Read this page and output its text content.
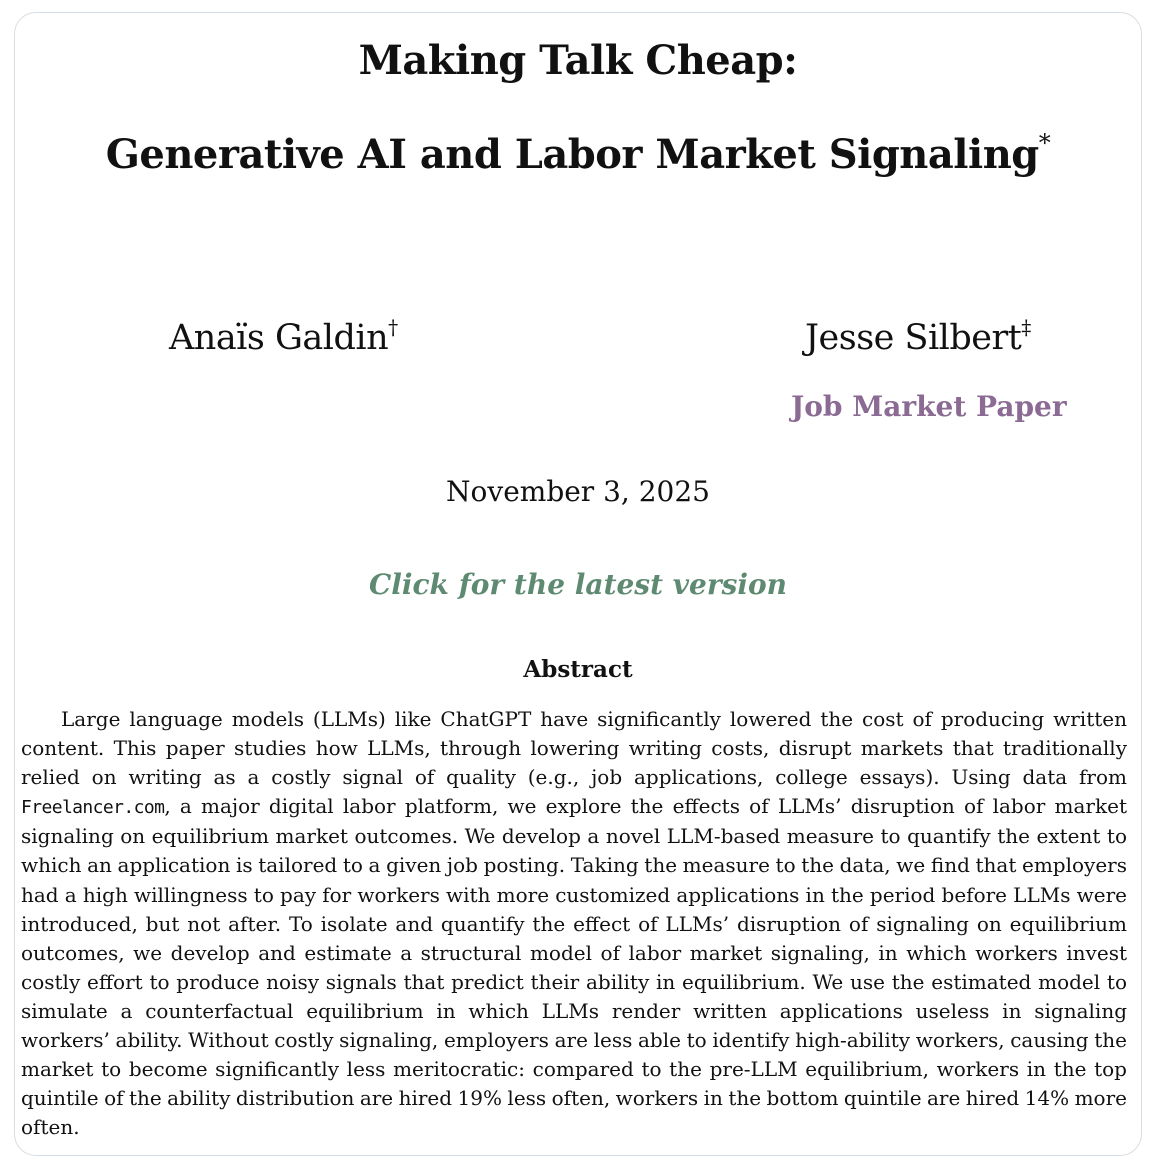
Making Talk Cheap:
Generative AI and Labor Market Signaling*
Anaïs Galdin†	Jesse Silbert‡
Job Market Paper
November 3, 2025
Click for the latest version
Abstract
Large language models (LLMs) like ChatGPT have significantly lowered the cost of producing written content. This paper studies how LLMs, through lowering writing costs, disrupt markets that traditionally relied on writing as a costly signal of quality (e.g., job applications, college essays). Using data from Freelancer.com, a major digital labor platform, we explore the effects of LLMs’ disruption of labor market signaling on equilibrium market outcomes. We develop a novel LLM-based measure to quantify the extent to which an application is tailored to a given job posting. Taking the measure to the data, we find that employers had a high willingness to pay for workers with more customized applications in the period before LLMs were introduced, but not after. To isolate and quantify the effect of LLMs’ disruption of signaling on equilibrium outcomes, we develop and estimate a structural model of labor market signaling, in which workers invest costly effort to produce noisy signals that predict their ability in equilibrium. We use the estimated model to simulate a counterfactual equilibrium in which LLMs render written applications useless in signaling workers’ ability. Without costly signaling, employers are less able to identify high-ability workers, causing the market to become significantly less meritocratic: compared to the pre-LLM equilibrium, workers in the top quintile of the ability distribution are hired 19% less often, workers in the bottom quintile are hired 14% more often.
